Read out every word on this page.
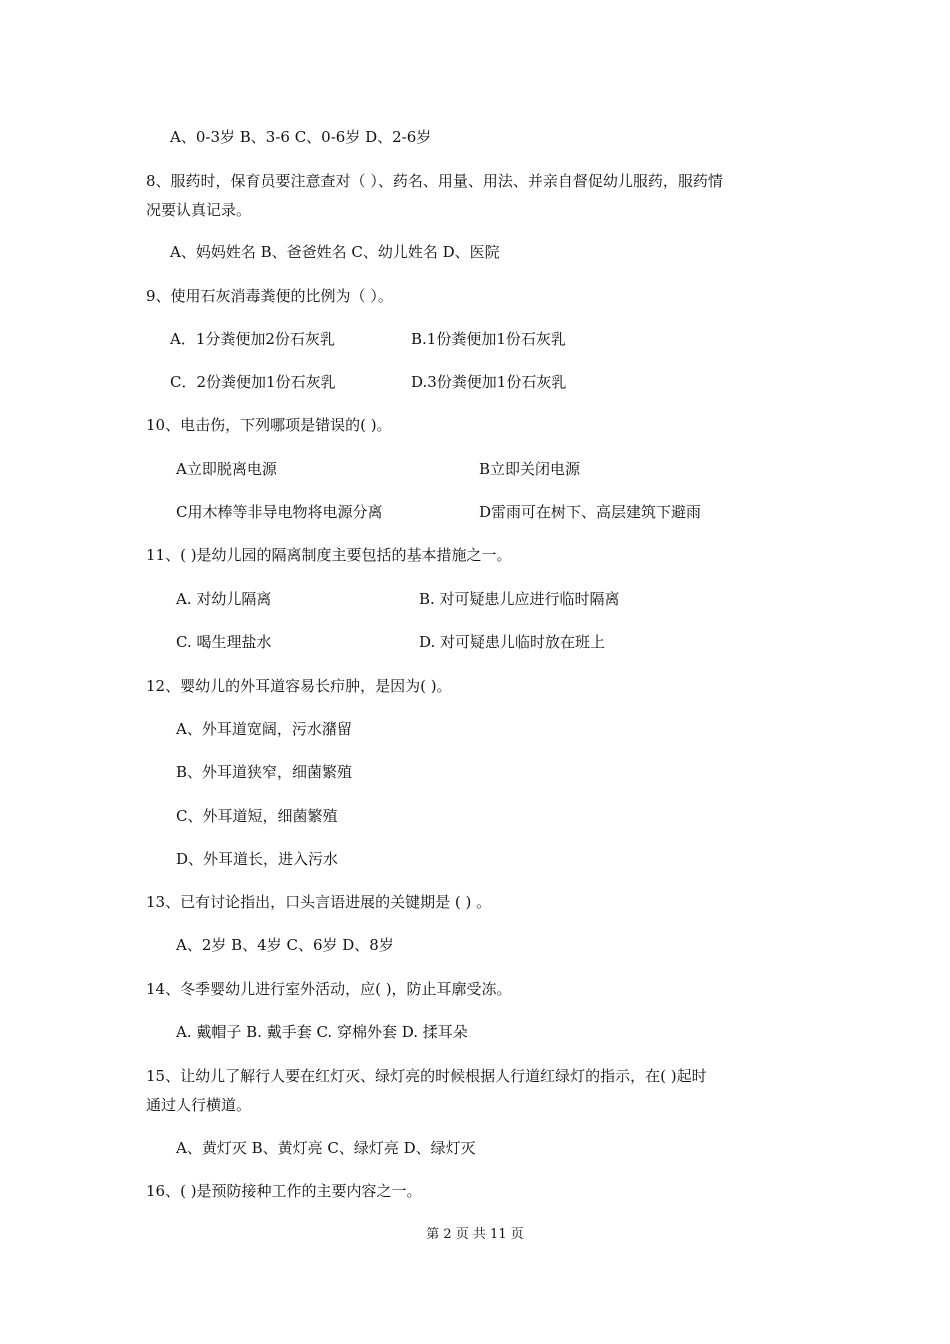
A、0-3岁 B、3-6 C、0-6岁 D、2-6岁
8、服药时，保育员要注意查对（ ）、药名、用量、用法、并亲自督促幼儿服药，服药情
况要认真记录。
A、妈妈姓名 B、爸爸姓名 C、幼儿姓名 D、医院
9、使用石灰消毒粪便的比例为（ ）。
A．1分粪便加2份石灰乳	B.1份粪便加1份石灰乳
C．2份粪便加1份石灰乳	D.3份粪便加1份石灰乳
10、电击伤，下列哪项是错误的( )。
A立即脱离电源	B立即关闭电源
C用木棒等非导电物将电源分离	D雷雨可在树下、高层建筑下避雨
11、( )是幼儿园的隔离制度主要包括的基本措施之一。
A. 对幼儿隔离	B. 对可疑患儿应进行临时隔离
C. 喝生理盐水	D. 对可疑患儿临时放在班上
12、婴幼儿的外耳道容易长疖肿，是因为( )。
A、外耳道宽阔，污水潴留
B、外耳道狭窄，细菌繁殖
C、外耳道短，细菌繁殖
D、外耳道长，进入污水
13、已有讨论指出，口头言语进展的关键期是 ( ) 。
A、2岁 B、4岁 C、6岁 D、8岁
14、冬季婴幼儿进行室外活动，应( )，防止耳廓受冻。
A. 戴帽子 B. 戴手套 C. 穿棉外套 D. 揉耳朵
15、让幼儿了解行人要在红灯灭、绿灯亮的时候根据人行道红绿灯的指示，在( )起时
通过人行横道。
A、黄灯灭 B、黄灯亮 C、绿灯亮 D、绿灯灭
16、( )是预防接种工作的主要内容之一。
第 2 页 共 11 页
